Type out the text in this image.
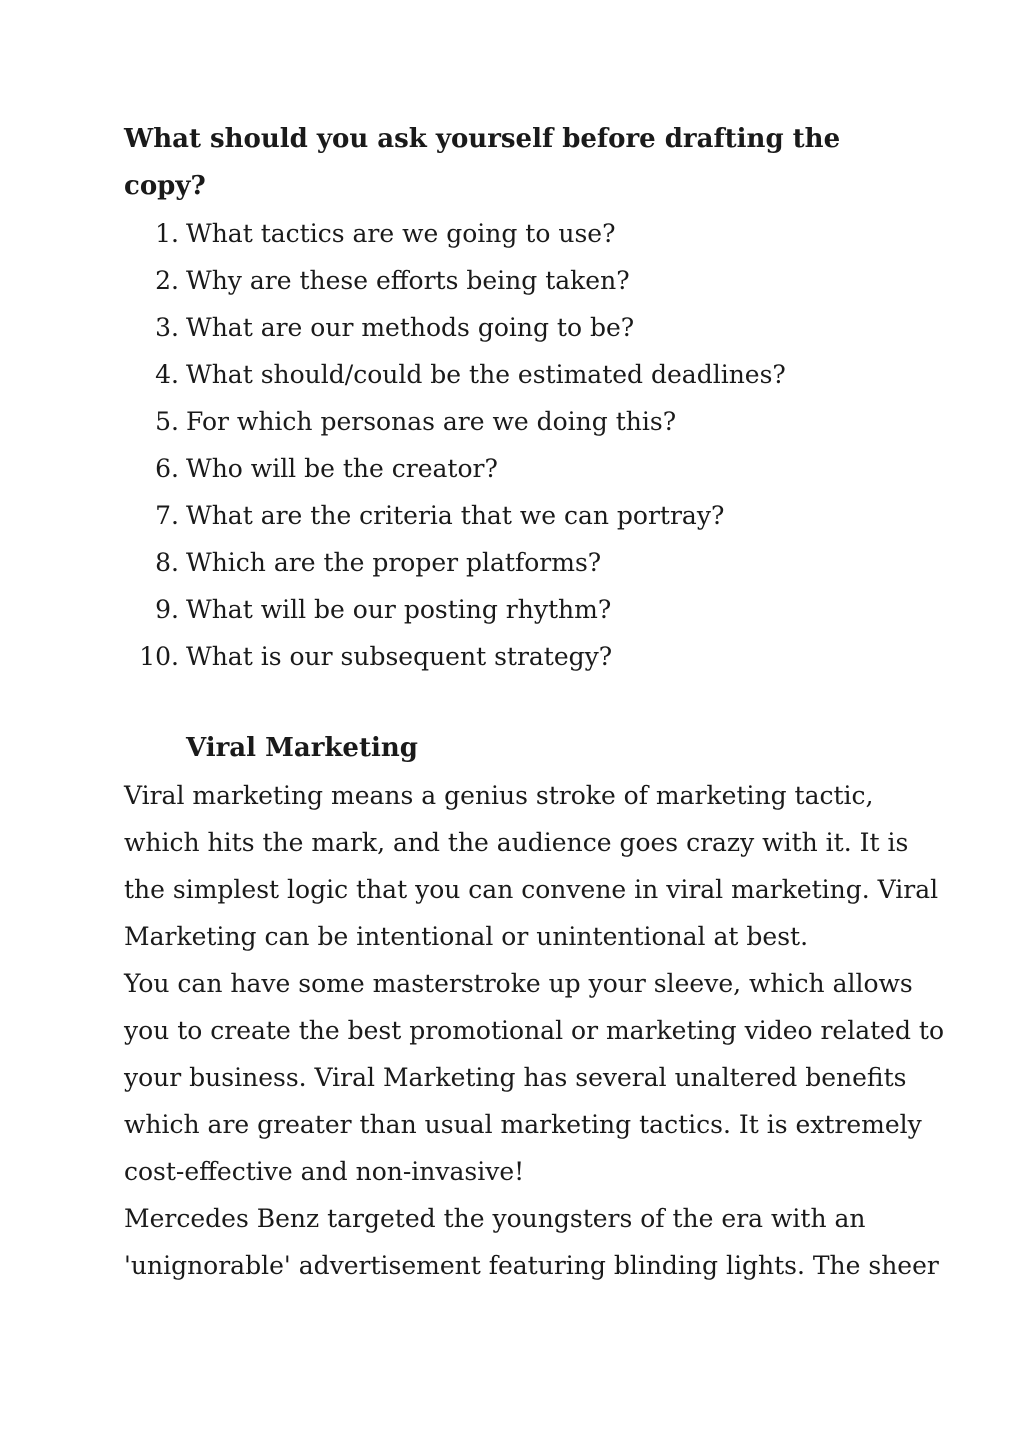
What should you ask yourself before drafting the
copy?
1. What tactics are we going to use?
2. Why are these efforts being taken?
3. What are our methods going to be?
4. What should/could be the estimated deadlines?
5. For which personas are we doing this?
6. Who will be the creator?
7. What are the criteria that we can portray?
8. Which are the proper platforms?
9. What will be our posting rhythm?
10. What is our subsequent strategy?
Viral Marketing

Viral marketing means a genius stroke of marketing tactic,

which hits the mark, and the audience goes crazy with it. It is

the simplest logic that you can convene in viral marketing. Viral

Marketing can be intentional or unintentional at best.

You can have some masterstroke up your sleeve, which allows

you to create the best promotional or marketing video related to

your business. Viral Marketing has several unaltered benefits

which are greater than usual marketing tactics. It is extremely

cost-effective and non-invasive!

Mercedes Benz targeted the youngsters of the era with an

'unignorable' advertisement featuring blinding lights. The sheer
